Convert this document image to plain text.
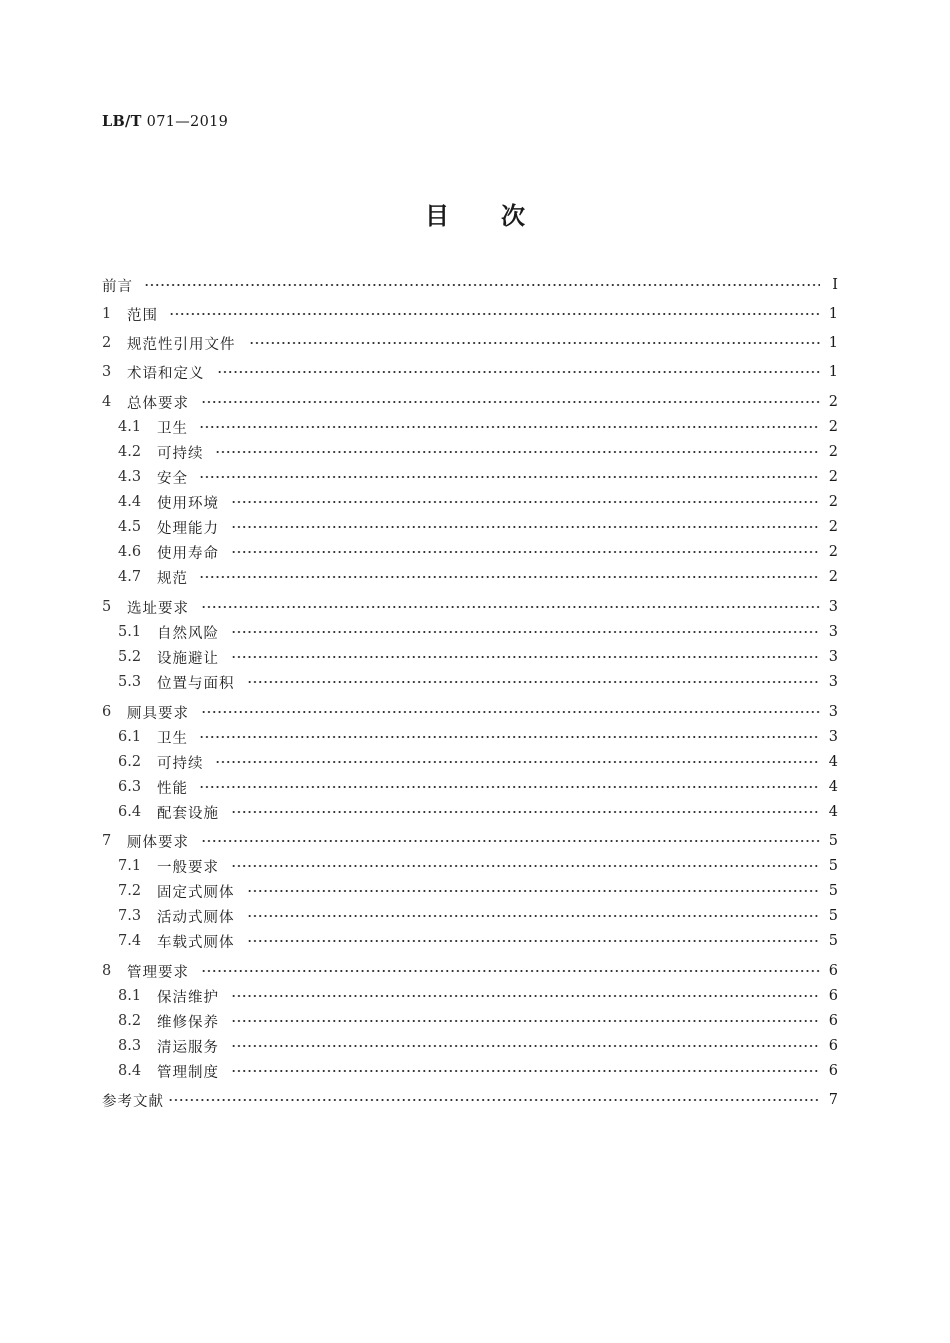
LB/T 071—2019
目 次
前言	Ⅰ
1 范围	1
2 规范性引用文件	1
3 术语和定义	1
4 总体要求	2
4.1 卫生	2
4.2 可持续	2
4.3 安全	2
4.4 使用环境	2
4.5 处理能力	2
4.6 使用寿命	2
4.7 规范	2
5 选址要求	3
5.1 自然风险	3
5.2 设施避让	3
5.3 位置与面积	3
6 厕具要求	3
6.1 卫生	3
6.2 可持续	4
6.3 性能	4
6.4 配套设施	4
7 厕体要求	5
7.1 一般要求	5
7.2 固定式厕体	5
7.3 活动式厕体	5
7.4 车载式厕体	5
8 管理要求	6
8.1 保洁维护	6
8.2 维修保养	6
8.3 清运服务	6
8.4 管理制度	6
参考文献	7
